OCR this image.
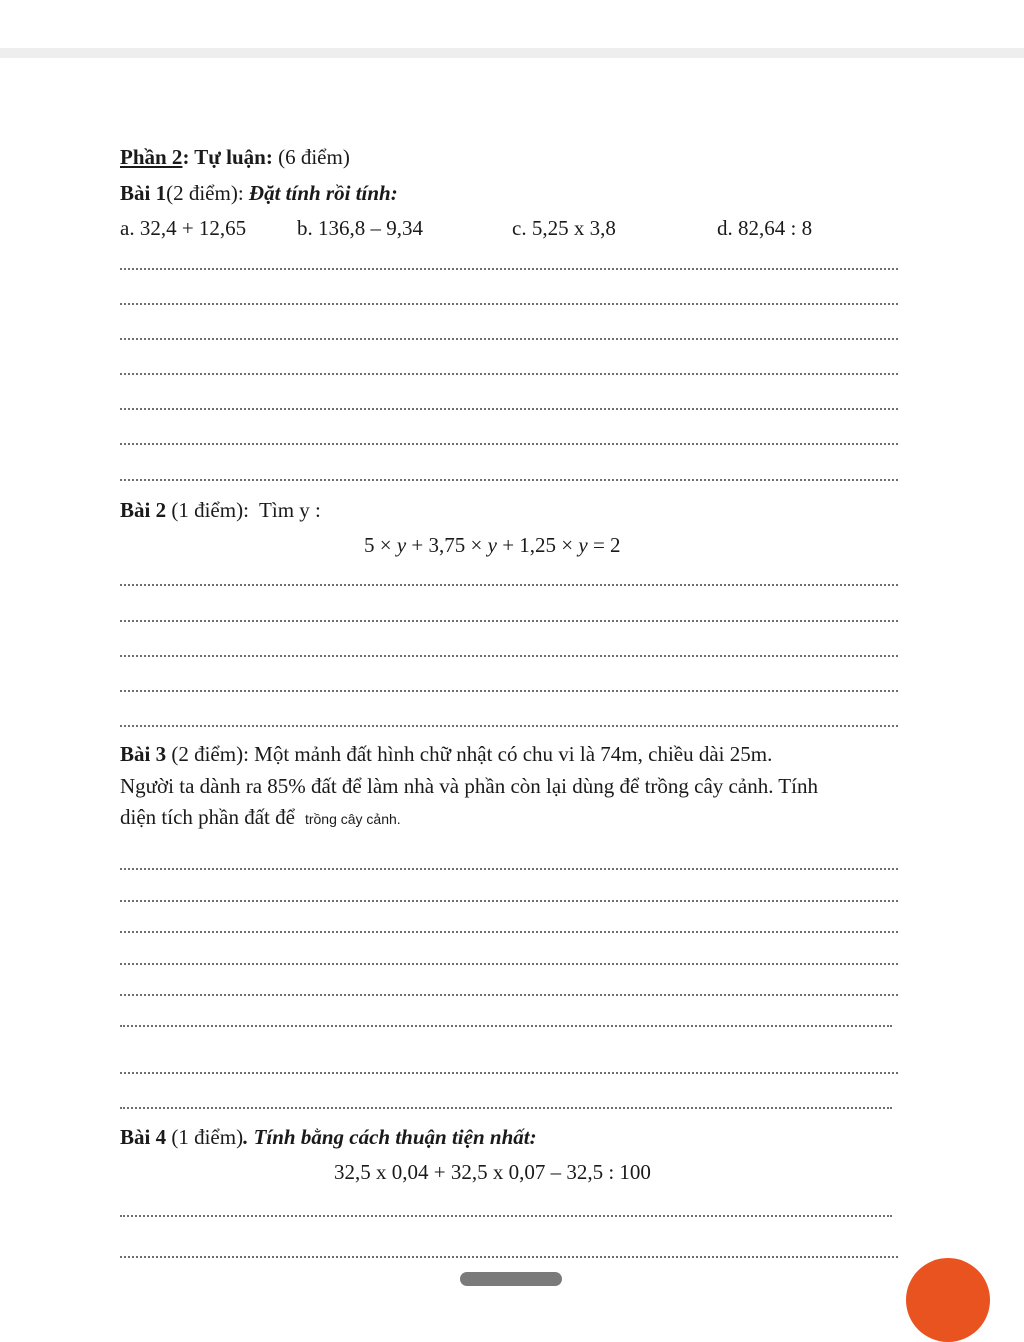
Phần 2: Tự luận: (6 điểm)
Bài 1(2 điểm): Đặt tính rồi tính:
a. 32,4 + 12,65 b. 136,8 – 9,34	c. 5,25 x 3,8	d. 82,64 : 8
Bài 2 (1 điểm):  Tìm y :
5 × y + 3,75 × y + 1,25 × y = 2
Bài 3 (2 điểm): Một mảnh đất hình chữ nhật có chu vi là 74m, chiều dài 25m.
Người ta dành ra 85% đất để làm nhà và phần còn lại dùng để trồng cây cảnh. Tính
diện tích phần đất để trồng cây cảnh.
Bài 4 (1 điểm). Tính bằng cách thuận tiện nhất:
32,5 x 0,04 + 32,5 x 0,07 – 32,5 : 100
